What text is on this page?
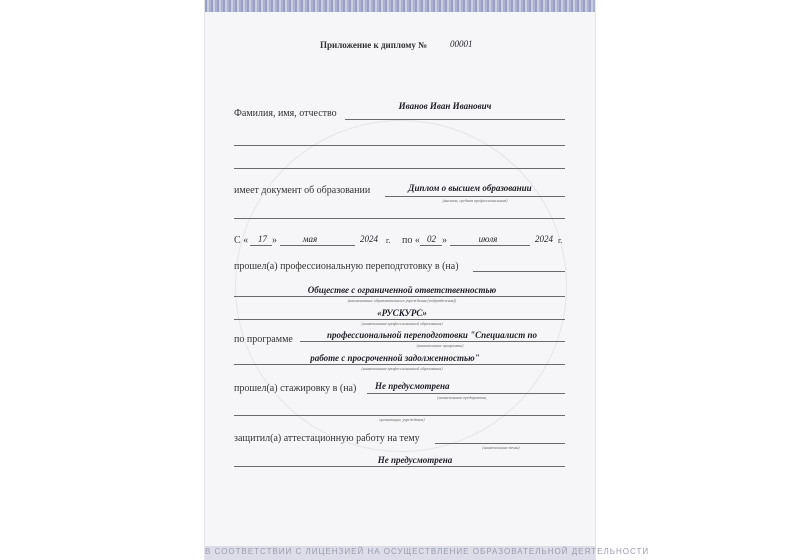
Приложение к диплому №	00001
Иванов Иван Иванович
Фамилия, имя, отчество
имеет документ об образовании	Диплом о высшем образовании
(высшем, среднем профессиональном)
С « 17 »	мая	2024 г. по « 02 »	июля	2024 г.
прошел(а) профессиональную переподготовку в (на)
Обществе с ограниченной ответственностью
(наименование образовательного учреждения (подразделения))
«РУСКУРС»
(наименование профессиональной образования)
по программе	профессиональной переподготовки "Специалист по
(наименование программы)
работе с просроченной задолженностью"
(наименование профессиональной образования)
прошел(а) стажировку в (на) Не предусмотрена
(наименование предприятия,
организации, учреждения)
защитил(а) аттестационную работу на тему
(наименование темы)
Не предусмотрена
В СООТВЕТСТВИИ С ЛИЦЕНЗИЕЙ НА ОСУЩЕСТВЛЕНИЕ ОБРАЗОВАТЕЛЬНОЙ ДЕЯТЕЛЬНОСТИ
